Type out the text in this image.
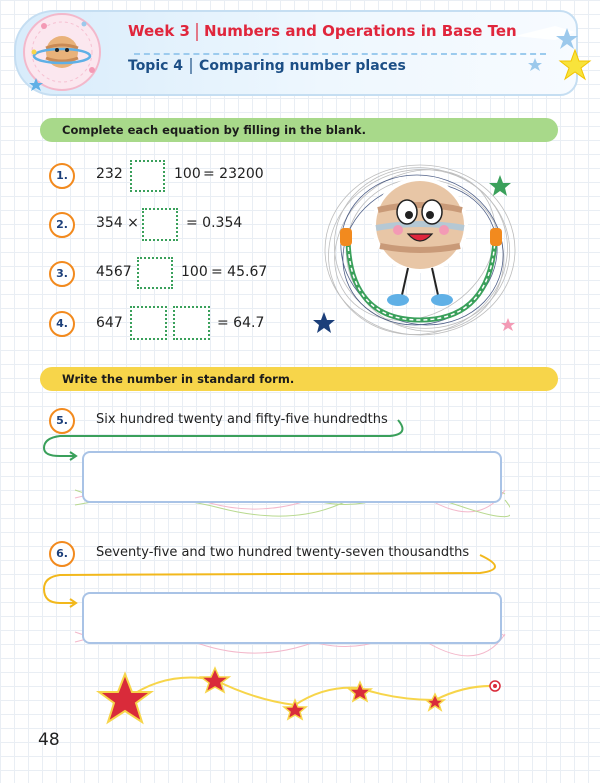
Week 3 Numbers and Operations in Base Ten
Topic 4 Comparing number places
Complete each equation by filling in the blank.
1.	232	100 = 23200
2.	354 ×	= 0.354
3.	4567	100 = 45.67
4.	647	= 64.7
Write the number in standard form.
5.	Six hundred twenty and fifty-five hundredths
6.	Seventy-five and two hundred twenty-seven thousandths
48
